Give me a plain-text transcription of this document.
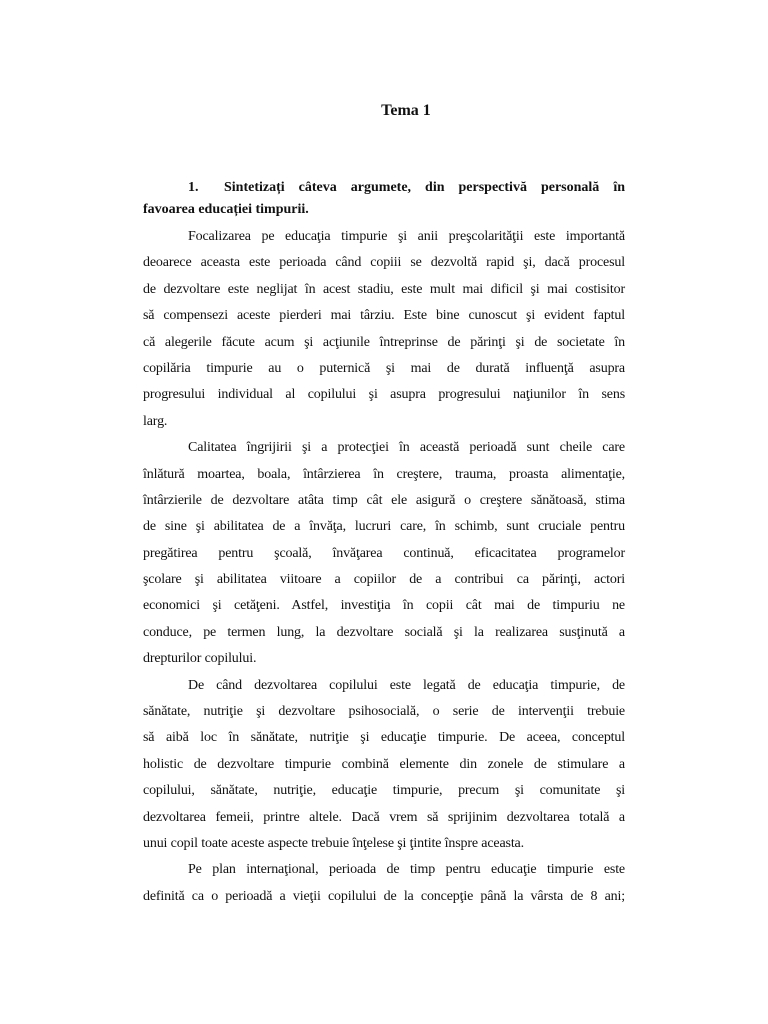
Tema 1
1. Sintetizați câteva argumete, din perspectivă personală în
favoarea educației timpurii.
Focalizarea pe educaţia timpurie şi anii preşcolarităţii este importantă
deoarece aceasta este perioada când copiii se dezvoltă rapid şi, dacă procesul
de dezvoltare este neglijat în acest stadiu, este mult mai dificil şi mai costisitor
să compensezi aceste pierderi mai târziu. Este bine cunoscut şi evident faptul
că alegerile făcute acum şi acţiunile întreprinse de părinţi şi de societate în
copilăria timpurie au o puternică şi mai de durată influenţă asupra
progresului individual al copilului şi asupra progresului naţiunilor în sens
larg.
Calitatea îngrijirii şi a protecţiei în această perioadă sunt cheile care
înlătură moartea, boala, întârzierea în creştere, trauma, proasta alimentaţie,
întârzierile de dezvoltare atâta timp cât ele asigură o creştere sănătoasă, stima
de sine şi abilitatea de a învăţa, lucruri care, în schimb, sunt cruciale pentru
pregătirea pentru şcoală, învăţarea continuă, eficacitatea programelor
şcolare şi abilitatea viitoare a copiilor de a contribui ca părinţi, actori
economici şi cetăţeni. Astfel, investiţia în copii cât mai de timpuriu ne
conduce, pe termen lung, la dezvoltare socială şi la realizarea susţinută a
drepturilor copilului.
De când dezvoltarea copilului este legată de educaţia timpurie, de
sănătate, nutriţie şi dezvoltare psihosocială, o serie de intervenţii trebuie
să aibă loc în sănătate, nutriţie şi educaţie timpurie. De aceea, conceptul
holistic de dezvoltare timpurie combină elemente din zonele de stimulare a
copilului, sănătate, nutriţie, educaţie timpurie, precum şi comunitate şi
dezvoltarea femeii, printre altele. Dacă vrem să sprijinim dezvoltarea totală a
unui copil toate aceste aspecte trebuie înţelese şi ţintite înspre aceasta.
Pe plan internaţional, perioada de timp pentru educaţie timpurie este
definită ca o perioadă a vieţii copilului de la concepţie până la vârsta de 8 ani;
